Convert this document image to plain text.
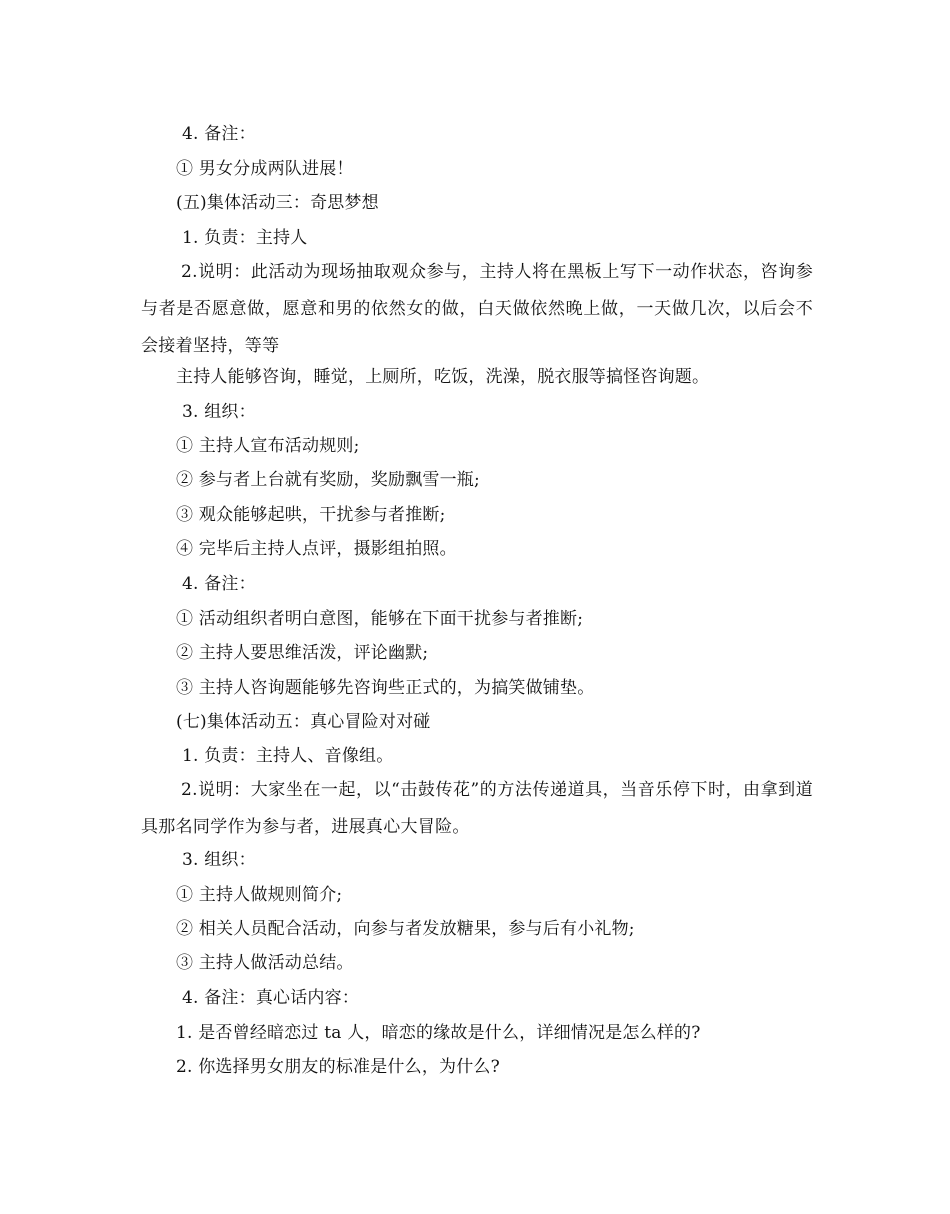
4. 备注：
① 男女分成两队进展！
(五)集体活动三：奇思梦想
1. 负责：主持人
2.说明：此活动为现场抽取观众参与，主持人将在黑板上写下一动作状态，咨询参与者是否愿意做，愿意和男的依然女的做，白天做依然晚上做，一天做几次，以后会不会接着坚持，等等
主持人能够咨询，睡觉，上厕所，吃饭，洗澡，脱衣服等搞怪咨询题。
3. 组织：
① 主持人宣布活动规则;
② 参与者上台就有奖励，奖励飘雪一瓶;
③ 观众能够起哄，干扰参与者推断;
④ 完毕后主持人点评，摄影组拍照。
4. 备注：
① 活动组织者明白意图，能够在下面干扰参与者推断;
② 主持人要思维活泼，评论幽默;
③ 主持人咨询题能够先咨询些正式的，为搞笑做铺垫。
(七)集体活动五：真心冒险对对碰
1. 负责：主持人、音像组。
2.说明：大家坐在一起，以“击鼓传花”的方法传递道具，当音乐停下时，由拿到道具那名同学作为参与者，进展真心大冒险。
3. 组织：
① 主持人做规则简介;
② 相关人员配合活动，向参与者发放糖果，参与后有小礼物;
③ 主持人做活动总结。
4. 备注：真心话内容：
1. 是否曾经暗恋过 ta 人，暗恋的缘故是什么，详细情况是怎么样的?
2. 你选择男女朋友的标准是什么，为什么?
